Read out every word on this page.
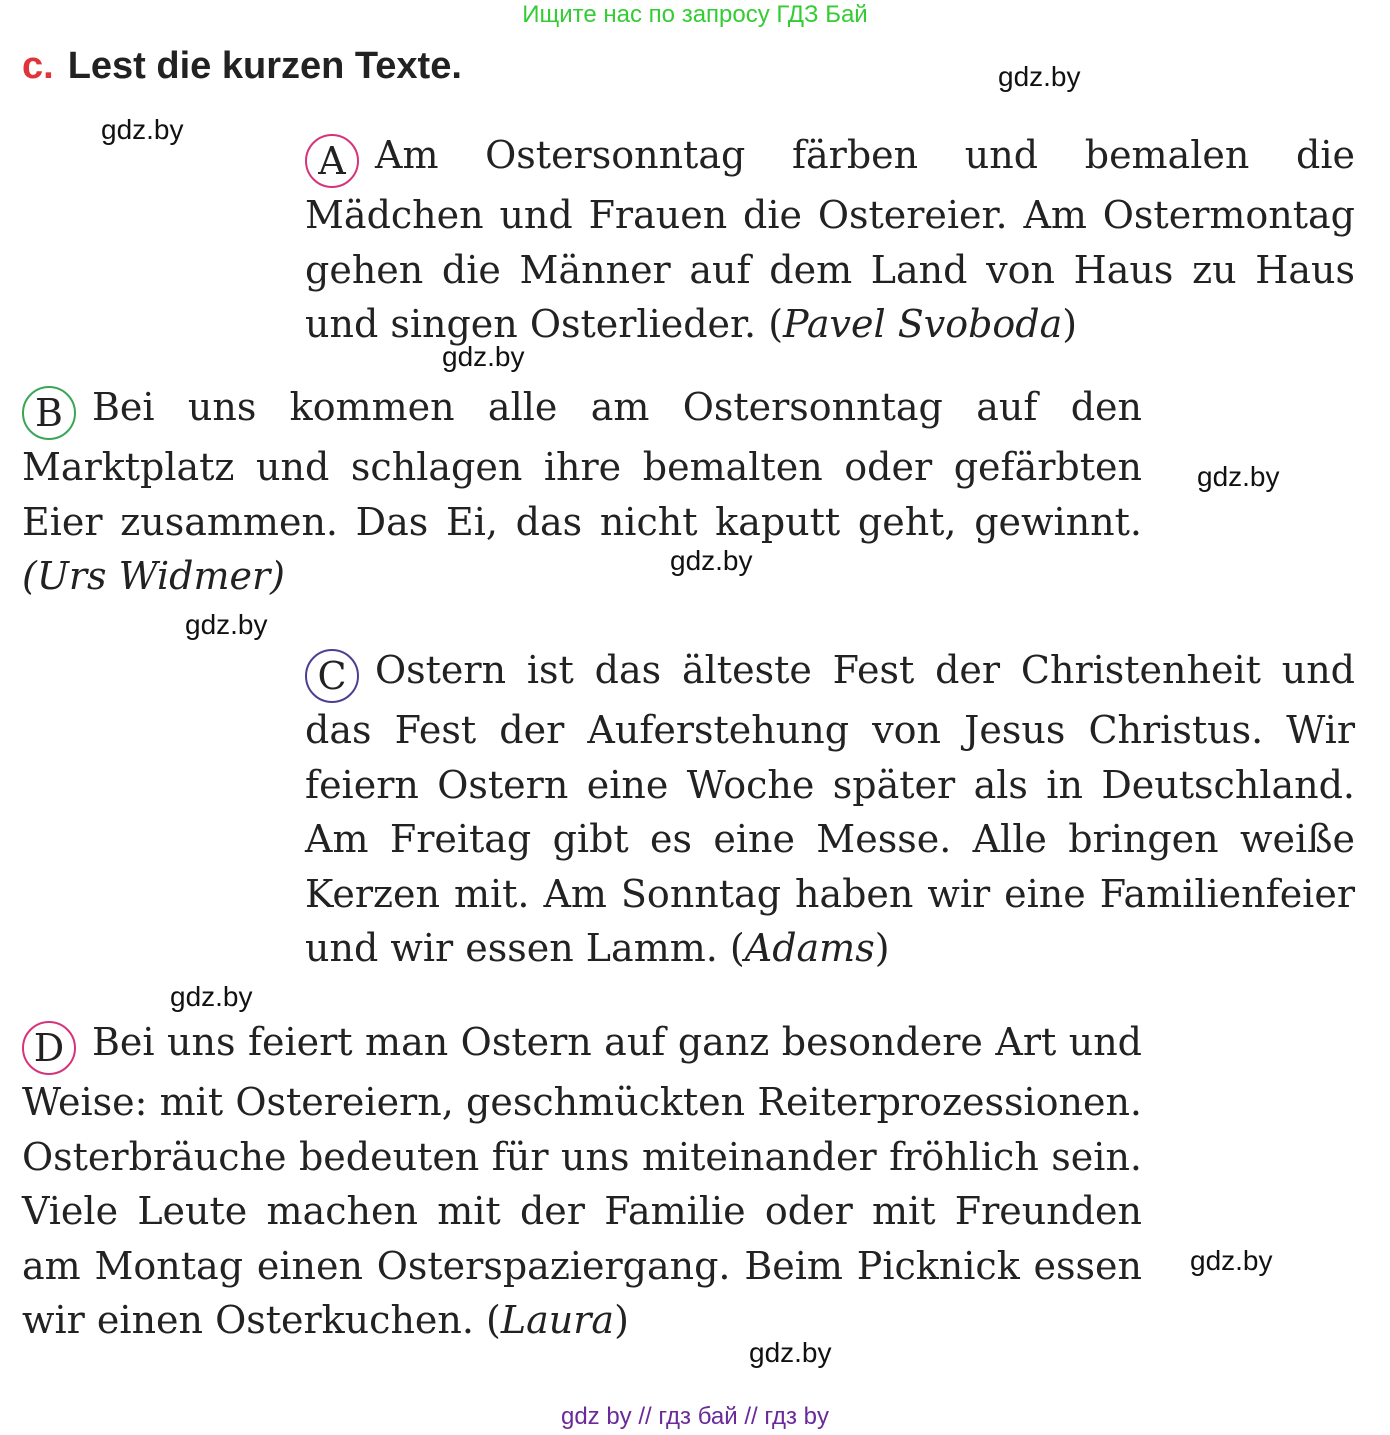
Ищите нас по запросу ГДЗ Бай
c. Lest die kurzen Texte.	gdz.by
gdz.by
gdz.by
gdz.by
gdz.by
gdz.by
gdz.by
gdz.by
gdz.by

A Am Ostersonntag färben und bemalen die Mädchen und Frauen die Ostereier. Am Ostermontag gehen die Männer auf dem Land von Haus zu Haus und singen Osterlieder. (Pavel Svoboda)

B Bei uns kommen alle am Ostersonntag auf den Marktplatz und schlagen ihre bemalten oder gefärbten Eier zusammen. Das Ei, das nicht kaputt geht, gewinnt. (Urs Widmer)

C Ostern ist das älteste Fest der Christenheit und das Fest der Auferstehung von Jesus Christus. Wir feiern Ostern eine Woche später als in Deutschland. Am Freitag gibt es eine Messe. Alle bringen weiße Kerzen mit. Am Sonntag haben wir eine Familienfeier und wir essen Lamm. (Adams)

D Bei uns feiert man Ostern auf ganz besondere Art und Weise: mit Ostereiern, geschmückten Reiterprozessionen. Osterbräuche bedeuten für uns miteinander fröhlich sein. Viele Leute machen mit der Familie oder mit Freunden am Montag einen Osterspaziergang. Beim Picknick essen wir einen Osterkuchen. (Laura)

gdz by // гдз бай // гдз by
